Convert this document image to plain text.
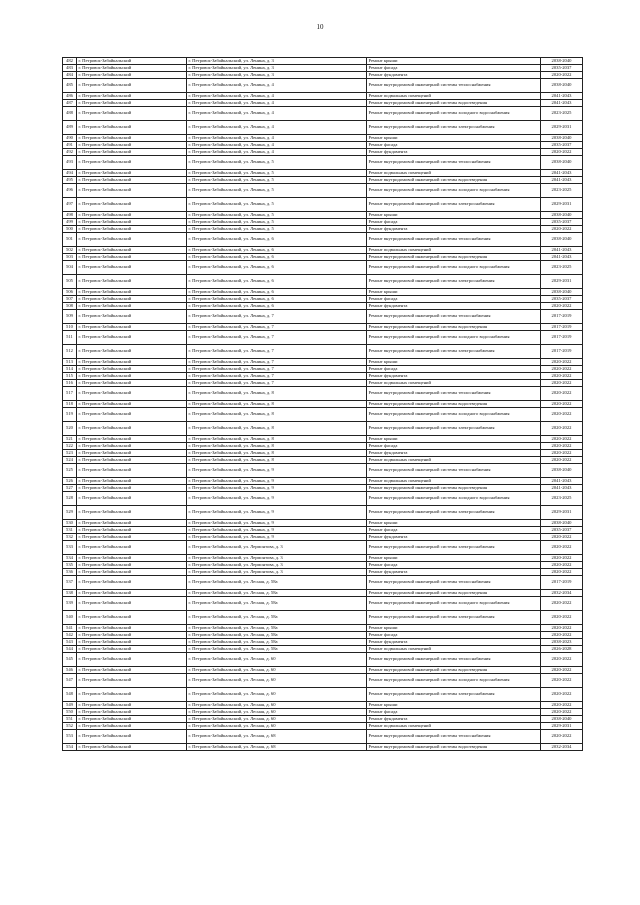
10
482	г. Петровск-Забайкальский	г. Петровск-Забайкальский, ул. Ленина, д. 3	Ремонт крыши	2038-2040
483	г. Петровск-Забайкальский	г. Петровск-Забайкальский, ул. Ленина, д. 3	Ремонт фасада	2035-2037
484	г. Петровск-Забайкальский	г. Петровск-Забайкальский, ул. Ленина, д. 3	Ремонт фундамента	2020-2022
485	г. Петровск-Забайкальский	г. Петровск-Забайкальский, ул. Ленина, д. 4	Ремонт внутридомовой инженерной системы теплоснабжения	2038-2040
486	г. Петровск-Забайкальский	г. Петровск-Забайкальский, ул. Ленина, д. 4	Ремонт подвальных помещений	2041-2043
487	г. Петровск-Забайкальский	г. Петровск-Забайкальский, ул. Ленина, д. 4	Ремонт внутридомовой инженерной системы водоотведения	2041-2043
488	г. Петровск-Забайкальский	г. Петровск-Забайкальский, ул. Ленина, д. 4	Ремонт внутридомовой инженерной системы холодного водоснабжения	2023-2025
489	г. Петровск-Забайкальский	г. Петровск-Забайкальский, ул. Ленина, д. 4	Ремонт внутридомовой инженерной системы электроснабжения	2029-2031
490	г. Петровск-Забайкальский	г. Петровск-Забайкальский, ул. Ленина, д. 4	Ремонт крыши	2038-2040
491	г. Петровск-Забайкальский	г. Петровск-Забайкальский, ул. Ленина, д. 4	Ремонт фасада	2035-2037
492	г. Петровск-Забайкальский	г. Петровск-Забайкальский, ул. Ленина, д. 4	Ремонт фундамента	2020-2022
493	г. Петровск-Забайкальский	г. Петровск-Забайкальский, ул. Ленина, д. 5	Ремонт внутридомовой инженерной системы теплоснабжения	2038-2040
494	г. Петровск-Забайкальский	г. Петровск-Забайкальский, ул. Ленина, д. 5	Ремонт подвальных помещений	2041-2043
495	г. Петровск-Забайкальский	г. Петровск-Забайкальский, ул. Ленина, д. 5	Ремонт внутридомовой инженерной системы водоотведения	2041-2043
496	г. Петровск-Забайкальский	г. Петровск-Забайкальский, ул. Ленина, д. 5	Ремонт внутридомовой инженерной системы холодного водоснабжения	2023-2025
497	г. Петровск-Забайкальский	г. Петровск-Забайкальский, ул. Ленина, д. 5	Ремонт внутридомовой инженерной системы электроснабжения	2029-2031
498	г. Петровск-Забайкальский	г. Петровск-Забайкальский, ул. Ленина, д. 5	Ремонт крыши	2038-2040
499	г. Петровск-Забайкальский	г. Петровск-Забайкальский, ул. Ленина, д. 5	Ремонт фасада	2035-2037
500	г. Петровск-Забайкальский	г. Петровск-Забайкальский, ул. Ленина, д. 5	Ремонт фундамента	2020-2022
501	г. Петровск-Забайкальский	г. Петровск-Забайкальский, ул. Ленина, д. 6	Ремонт внутридомовой инженерной системы теплоснабжения	2038-2040
502	г. Петровск-Забайкальский	г. Петровск-Забайкальский, ул. Ленина, д. 6	Ремонт подвальных помещений	2041-2043
503	г. Петровск-Забайкальский	г. Петровск-Забайкальский, ул. Ленина, д. 6	Ремонт внутридомовой инженерной системы водоотведения	2041-2043
504	г. Петровск-Забайкальский	г. Петровск-Забайкальский, ул. Ленина, д. 6	Ремонт внутридомовой инженерной системы холодного водоснабжения	2023-2025
505	г. Петровск-Забайкальский	г. Петровск-Забайкальский, ул. Ленина, д. 6	Ремонт внутридомовой инженерной системы электроснабжения	2029-2031
506	г. Петровск-Забайкальский	г. Петровск-Забайкальский, ул. Ленина, д. 6	Ремонт крыши	2038-2040
507	г. Петровск-Забайкальский	г. Петровск-Забайкальский, ул. Ленина, д. 6	Ремонт фасада	2035-2037
508	г. Петровск-Забайкальский	г. Петровск-Забайкальский, ул. Ленина, д. 6	Ремонт фундамента	2020-2022
509	г. Петровск-Забайкальский	г. Петровск-Забайкальский, ул. Ленина, д. 7	Ремонт внутридомовой инженерной системы теплоснабжения	2017-2019
510	г. Петровск-Забайкальский	г. Петровск-Забайкальский, ул. Ленина, д. 7	Ремонт внутридомовой инженерной системы водоотведения	2017-2019
511	г. Петровск-Забайкальский	г. Петровск-Забайкальский, ул. Ленина, д. 7	Ремонт внутридомовой инженерной системы холодного водоснабжения	2017-2019
512	г. Петровск-Забайкальский	г. Петровск-Забайкальский, ул. Ленина, д. 7	Ремонт внутридомовой инженерной системы электроснабжения	2017-2019
513	г. Петровск-Забайкальский	г. Петровск-Забайкальский, ул. Ленина, д. 7	Ремонт крыши	2020-2022
514	г. Петровск-Забайкальский	г. Петровск-Забайкальский, ул. Ленина, д. 7	Ремонт фасада	2020-2022
515	г. Петровск-Забайкальский	г. Петровск-Забайкальский, ул. Ленина, д. 7	Ремонт фундамента	2020-2022
516	г. Петровск-Забайкальский	г. Петровск-Забайкальский, ул. Ленина, д. 7	Ремонт подвальных помещений	2020-2022
517	г. Петровск-Забайкальский	г. Петровск-Забайкальский, ул. Ленина, д. 8	Ремонт внутридомовой инженерной системы теплоснабжения	2020-2022
518	г. Петровск-Забайкальский	г. Петровск-Забайкальский, ул. Ленина, д. 8	Ремонт внутридомовой инженерной системы водоотведения	2020-2022
519	г. Петровск-Забайкальский	г. Петровск-Забайкальский, ул. Ленина, д. 8	Ремонт внутридомовой инженерной системы холодного водоснабжения	2020-2022
520	г. Петровск-Забайкальский	г. Петровск-Забайкальский, ул. Ленина, д. 8	Ремонт внутридомовой инженерной системы электроснабжения	2020-2022
521	г. Петровск-Забайкальский	г. Петровск-Забайкальский, ул. Ленина, д. 8	Ремонт крыши	2020-2022
522	г. Петровск-Забайкальский	г. Петровск-Забайкальский, ул. Ленина, д. 8	Ремонт фасада	2020-2022
523	г. Петровск-Забайкальский	г. Петровск-Забайкальский, ул. Ленина, д. 8	Ремонт фундамента	2020-2022
524	г. Петровск-Забайкальский	г. Петровск-Забайкальский, ул. Ленина, д. 8	Ремонт подвальных помещений	2020-2022
525	г. Петровск-Забайкальский	г. Петровск-Забайкальский, ул. Ленина, д. 9	Ремонт внутридомовой инженерной системы теплоснабжения	2038-2040
526	г. Петровск-Забайкальский	г. Петровск-Забайкальский, ул. Ленина, д. 9	Ремонт подвальных помещений	2041-2043
527	г. Петровск-Забайкальский	г. Петровск-Забайкальский, ул. Ленина, д. 9	Ремонт внутридомовой инженерной системы водоотведения	2041-2043
528	г. Петровск-Забайкальский	г. Петровск-Забайкальский, ул. Ленина, д. 9	Ремонт внутридомовой инженерной системы холодного водоснабжения	2023-2025
529	г. Петровск-Забайкальский	г. Петровск-Забайкальский, ул. Ленина, д. 9	Ремонт внутридомовой инженерной системы электроснабжения	2029-2031
530	г. Петровск-Забайкальский	г. Петровск-Забайкальский, ул. Ленина, д. 9	Ремонт крыши	2038-2040
531	г. Петровск-Забайкальский	г. Петровск-Забайкальский, ул. Ленина, д. 9	Ремонт фасада	2035-2037
532	г. Петровск-Забайкальский	г. Петровск-Забайкальский, ул. Ленина, д. 9	Ремонт фундамента	2020-2022
533	г. Петровск-Забайкальский	г. Петровск-Забайкальский, ул. Лермонтова, д. 3	Ремонт внутридомовой инженерной системы электроснабжения	2020-2022
534	г. Петровск-Забайкальский	г. Петровск-Забайкальский, ул. Лермонтова, д. 3	Ремонт крыши	2020-2022
535	г. Петровск-Забайкальский	г. Петровск-Забайкальский, ул. Лермонтова, д. 3	Ремонт фасада	2020-2022
536	г. Петровск-Забайкальский	г. Петровск-Забайкальский, ул. Лермонтова, д. 3	Ремонт фундамента	2020-2022
537	г. Петровск-Забайкальский	г. Петровск-Забайкальский, ул. Лесная, д. 58а	Ремонт внутридомовой инженерной системы теплоснабжения	2017-2019
538	г. Петровск-Забайкальский	г. Петровск-Забайкальский, ул. Лесная, д. 58а	Ремонт внутридомовой инженерной системы водоотведения	2032-2034
539	г. Петровск-Забайкальский	г. Петровск-Забайкальский, ул. Лесная, д. 58а	Ремонт внутридомовой инженерной системы холодного водоснабжения	2020-2022
540	г. Петровск-Забайкальский	г. Петровск-Забайкальский, ул. Лесная, д. 58а	Ремонт внутридомовой инженерной системы электроснабжения	2020-2022
541	г. Петровск-Забайкальский	г. Петровск-Забайкальский, ул. Лесная, д. 58а	Ремонт крыши	2020-2022
542	г. Петровск-Забайкальский	г. Петровск-Забайкальский, ул. Лесная, д. 58а	Ремонт фасада	2020-2022
543	г. Петровск-Забайкальский	г. Петровск-Забайкальский, ул. Лесная, д. 58а	Ремонт фундамента	2038-2023
544	г. Петровск-Забайкальский	г. Петровск-Забайкальский, ул. Лесная, д. 58а	Ремонт подвальных помещений	2026-2028
545	г. Петровск-Забайкальский	г. Петровск-Забайкальский, ул. Лесная, д. 60	Ремонт внутридомовой инженерной системы теплоснабжения	2020-2022
546	г. Петровск-Забайкальский	г. Петровск-Забайкальский, ул. Лесная, д. 60	Ремонт внутридомовой инженерной системы водоотведения	2020-2022
547	г. Петровск-Забайкальский	г. Петровск-Забайкальский, ул. Лесная, д. 60	Ремонт внутридомовой инженерной системы холодного водоснабжения	2020-2022
548	г. Петровск-Забайкальский	г. Петровск-Забайкальский, ул. Лесная, д. 60	Ремонт внутридомовой инженерной системы электроснабжения	2020-2022
549	г. Петровск-Забайкальский	г. Петровск-Забайкальский, ул. Лесная, д. 60	Ремонт крыши	2020-2022
550	г. Петровск-Забайкальский	г. Петровск-Забайкальский, ул. Лесная, д. 60	Ремонт фасада	2020-2022
551	г. Петровск-Забайкальский	г. Петровск-Забайкальский, ул. Лесная, д. 60	Ремонт фундамента	2038-2040
552	г. Петровск-Забайкальский	г. Петровск-Забайкальский, ул. Лесная, д. 60	Ремонт подвальных помещений	2029-2031
553	г. Петровск-Забайкальский	г. Петровск-Забайкальский, ул. Лесная, д. 68	Ремонт внутридомовой инженерной системы теплоснабжения	2020-2022
554	г. Петровск-Забайкальский	г. Петровск-Забайкальский, ул. Лесная, д. 68	Ремонт внутридомовой инженерной системы водоотведения	2032-2034
